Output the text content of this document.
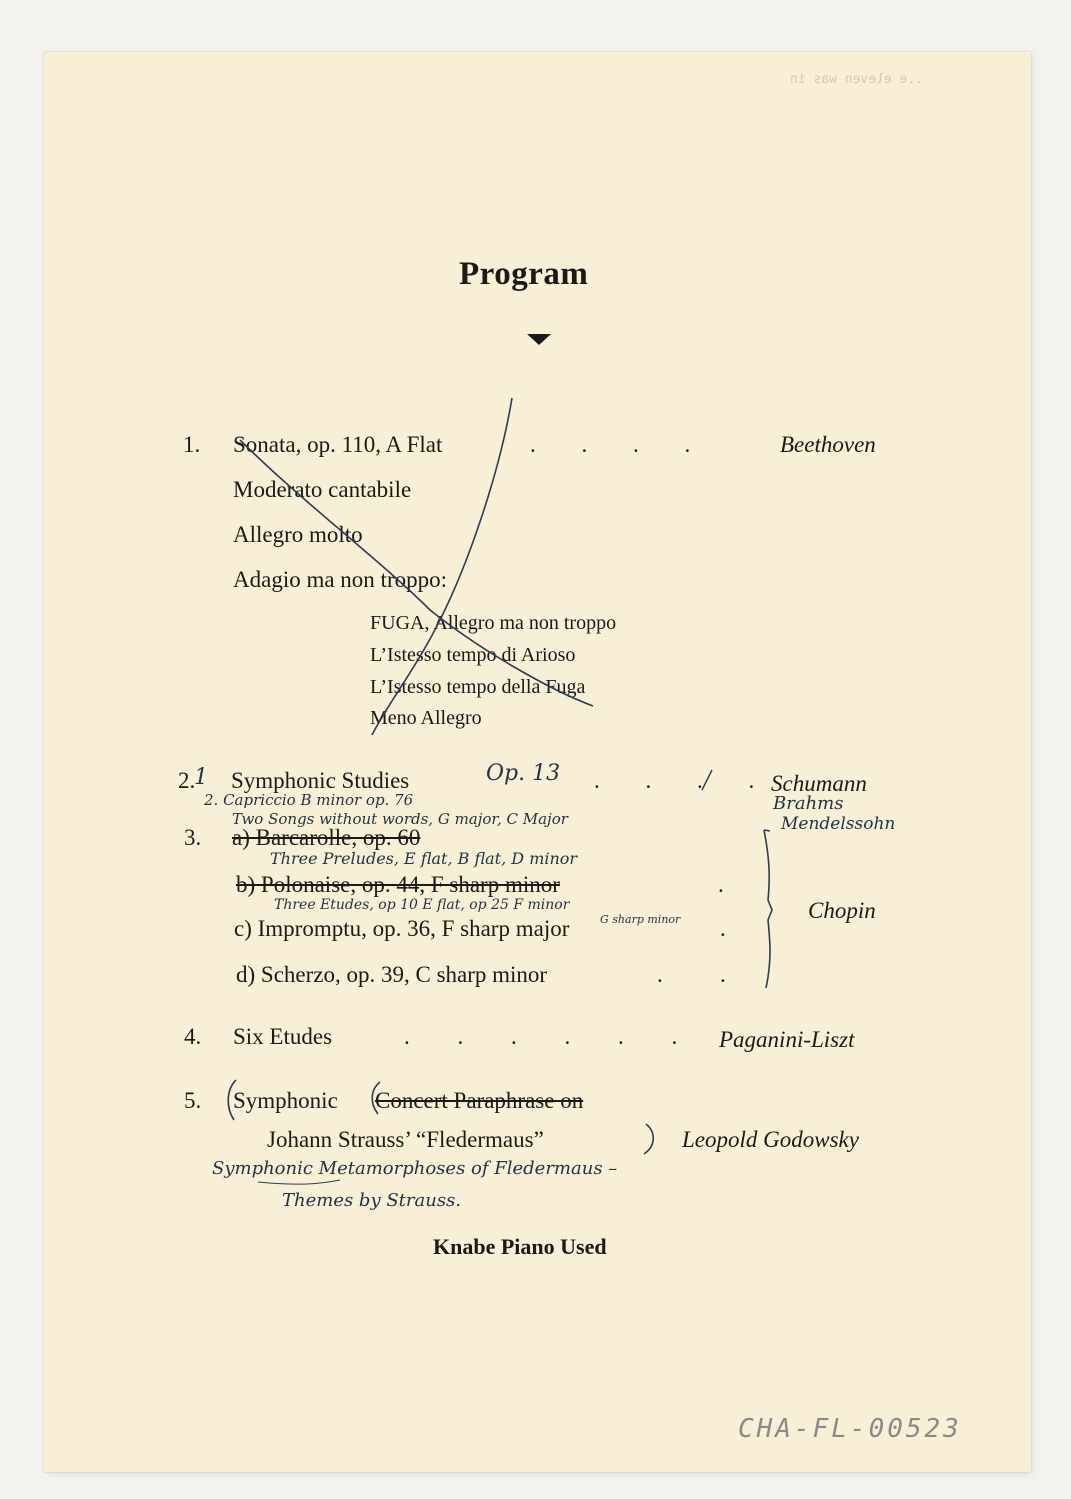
..e eleven was in
Program
1. Sonata, op. 110, A Flat	. . . .	Beethoven
Moderato cantabile
Allegro molto
Adagio ma non troppo:
FUGA, Allegro ma non troppo
L’Istesso tempo di Arioso
L’Istesso tempo della Fuga
Meno Allegro
2.
1 Symphonic Studies	Op. 13 . . . . Schumann
2. Capriccio B minor op. 76	Brahms
Two Songs without words, G major, C Major	Mendelssohn
3. a) Barcarolle, op. 60
Three Preludes, E flat, B flat, D minor
b) Polonaise, op. 44, F sharp minor	.
Three Etudes, op 10 E flat, op 25 F minor
G sharp minor
c) Impromptu, op. 36, F sharp major	.
d) Scherzo, op. 39, C sharp minor	. .
Chopin
4. Six Etudes	. . . . . . Paganini-Liszt
5. Symphonic Concert Paraphrase on
Johann Strauss’ “Fledermaus”	Leopold Godowsky
Symphonic Metamorphoses of Fledermaus –
Themes by Strauss.
Knabe Piano Used
CHA-FL-00523
